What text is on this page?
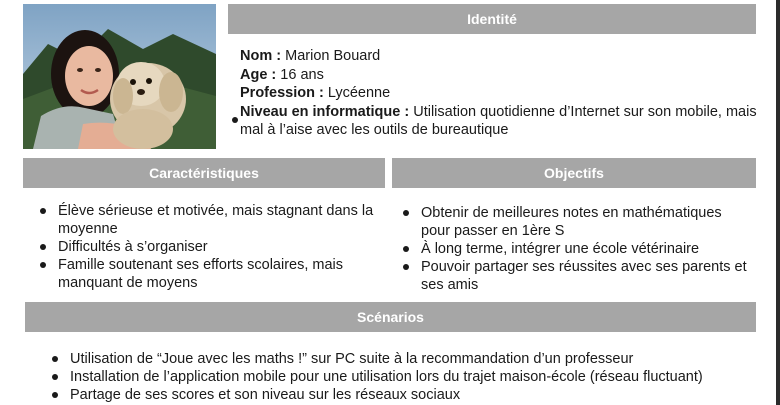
Identité
Nom : Marion Bouard
Age : 16 ans
Profession : Lycéenne
Niveau en informatique : Utilisation quotidienne d’Internet sur son mobile, mais mal à l’aise avec les outils de bureautique
Caractéristiques
Élève sérieuse et motivée, mais stagnant dans la moyenne
Difficultés à s’organiser
Famille soutenant ses efforts scolaires, mais manquant de moyens
Objectifs
Obtenir de meilleures notes en mathématiques pour passer en 1ère S
À long terme, intégrer une école vétérinaire
Pouvoir partager ses réussites avec ses parents et ses amis
Scénarios
Utilisation de “Joue avec les maths !” sur PC suite à la recommandation d’un professeur
Installation de l’application mobile pour une utilisation lors du trajet maison-école (réseau fluctuant)
Partage de ses scores et son niveau sur les réseaux sociaux
